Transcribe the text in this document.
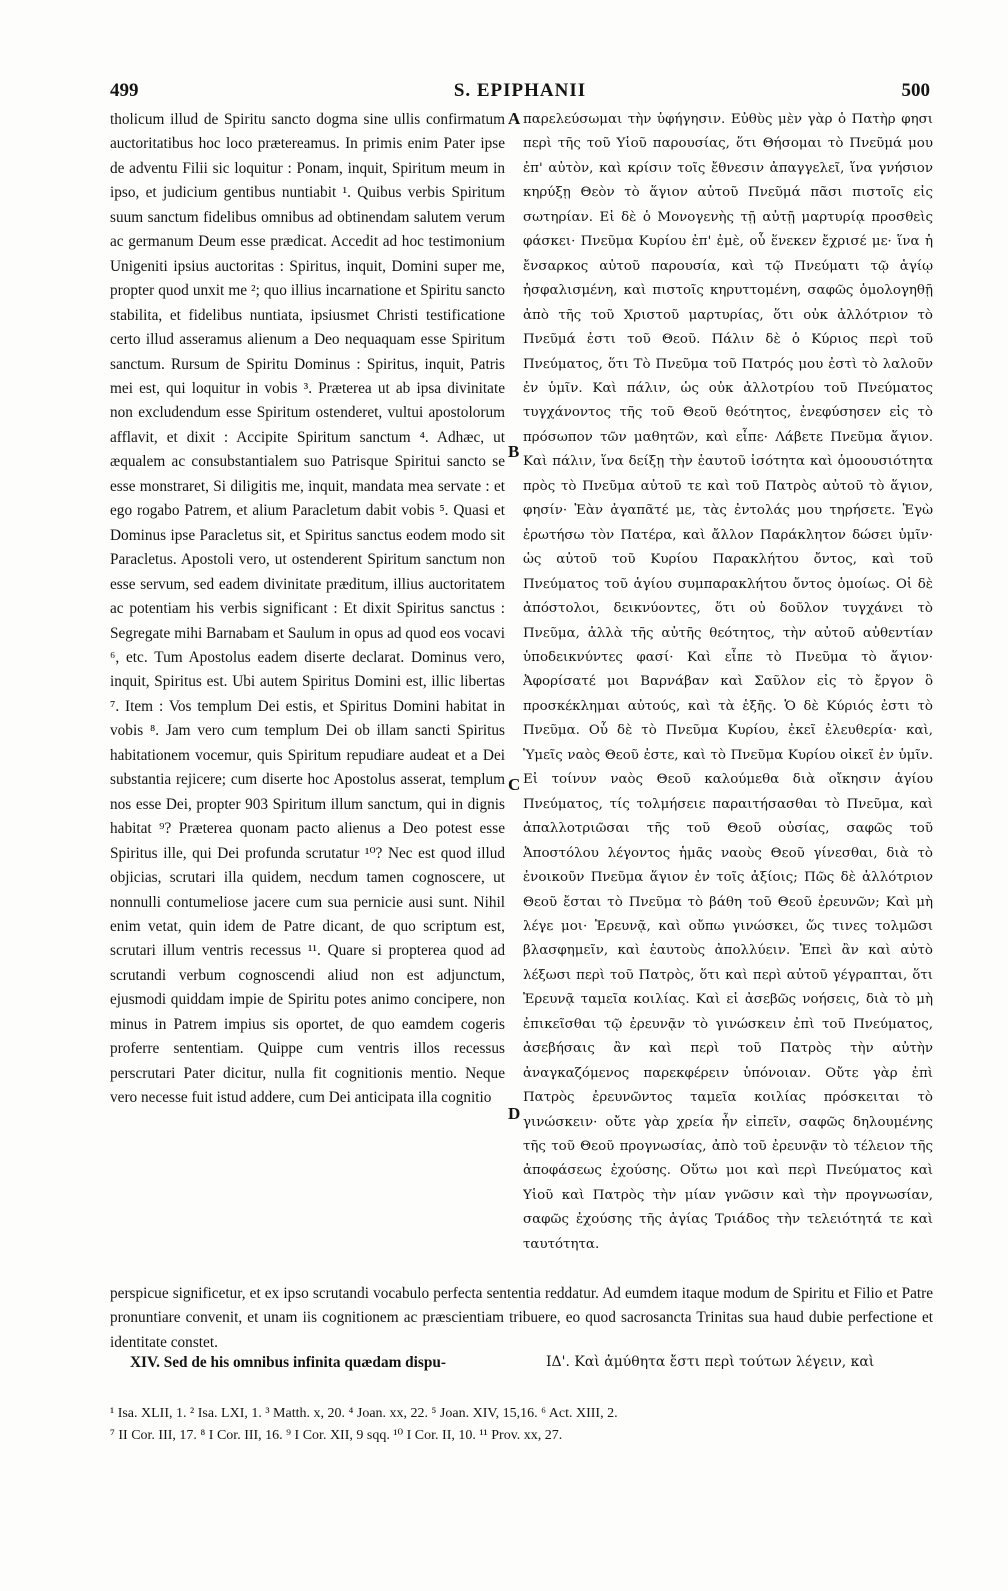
499	S. EPIPHANII	500

tholicum illud de Spiritu sancto dogma sine ullis confirmatum auctoritatibus hoc loco prætereamus. In primis enim Pater ipse de adventu Filii sic loquitur : Ponam, inquit, Spiritum meum in ipso, et judicium gentibus nuntiabit ¹. Quibus verbis Spiritum suum sanctum fidelibus omnibus ad obtinendam salutem verum ac germanum Deum esse prædicat. Accedit ad hoc testimonium Unigeniti ipsius auctoritas : Spiritus, inquit, Domini super me, propter quod unxit me ²; quo illius incarnatione et Spiritu sancto stabilita, et fidelibus nuntiata, ipsiusmet Christi testificatione certo illud asseramus alienum a Deo nequaquam esse Spiritum sanctum. Rursum de Spiritu Dominus : Spiritus, inquit, Patris mei est, qui loquitur in vobis ³. Præterea ut ab ipsa divinitate non excludendum esse Spiritum ostenderet, vultui apostolorum afflavit, et dixit : Accipite Spiritum sanctum ⁴. Adhæc, ut æqualem ac consubstantialem suo Patrisque Spiritui sancto se esse monstraret, Si diligitis me, inquit, mandata mea servate : et ego rogabo Patrem, et alium Paracletum dabit vobis ⁵. Quasi et Dominus ipse Paracletus sit, et Spiritus sanctus eodem modo sit Paracletus. Apostoli vero, ut ostenderent Spiritum sanctum non esse servum, sed eadem divinitate præditum, illius auctoritatem ac potentiam his verbis significant : Et dixit Spiritus sanctus : Segregate mihi Barnabam et Saulum in opus ad quod eos vocavi ⁶, etc. Tum Apostolus eadem diserte declarat. Dominus vero, inquit, Spiritus est. Ubi autem Spiritus Domini est, illic libertas ⁷. Item : Vos templum Dei estis, et Spiritus Domini habitat in vobis ⁸. Jam vero cum templum Dei ob illam sancti Spiritus habitationem vocemur, quis Spiritum repudiare audeat et a Dei substantia rejicere; cum diserte hoc Apostolus asserat, templum nos esse Dei, propter 903 Spiritum illum sanctum, qui in dignis habitat ⁹? Præterea quonam pacto alienus a Deo potest esse Spiritus ille, qui Dei profunda scrutatur ¹⁰? Nec est quod illud objicias, scrutari illa quidem, necdum tamen cognoscere, ut nonnulli contumeliose jacere cum sua pernicie ausi sunt. Nihil enim vetat, quin idem de Patre dicant, de quo scriptum est, scrutari illum ventris recessus ¹¹. Quare si propterea quod ad scrutandi verbum cognoscendi aliud non est adjunctum, ejusmodi quiddam impie de Spiritu potes animo concipere, non minus in Patrem impius sis oportet, de quo eamdem cogeris proferre sententiam. Quippe cum ventris illos recessus perscrutari Pater dicitur, nulla fit cognitionis mentio. Neque vero necesse fuit istud addere, cum Dei anticipata illa cognitio

παρελεύσωμαι τὴν ὑφήγησιν. Εὐθὺς μὲν γὰρ ὁ Πατὴρ φησι περὶ τῆς τοῦ Υἱοῦ παρουσίας, ὅτι Θήσομαι τὸ Πνεῦμά μου ἐπ' αὐτὸν, καὶ κρίσιν τοῖς ἔθνεσιν ἀπαγγελεῖ, ἵνα γνήσιον κηρύξῃ Θεὸν τὸ ἅγιον αὐτοῦ Πνεῦμά πᾶσι πιστοῖς εἰς σωτηρίαν. Εἰ δὲ ὁ Μονογενὴς τῇ αὐτῇ μαρτυρίᾳ προσθεὶς φάσκει· Πνεῦμα Κυρίου ἐπ' ἐμὲ, οὗ ἕνεκεν ἔχρισέ με· ἵνα ἡ ἔνσαρκος αὐτοῦ παρουσία, καὶ τῷ Πνεύματι τῷ ἁγίῳ ἠσφαλισμένη, καὶ πιστοῖς κηρυττομένη, σαφῶς ὁμολογηθῇ ἀπὸ τῆς τοῦ Χριστοῦ μαρτυρίας, ὅτι οὐκ ἀλλότριον τὸ Πνεῦμά ἐστι τοῦ Θεοῦ. Πάλιν δὲ ὁ Κύριος περὶ τοῦ Πνεύματος, ὅτι Τὸ Πνεῦμα τοῦ Πατρός μου ἐστὶ τὸ λαλοῦν ἐν ὑμῖν. Καὶ πάλιν, ὡς οὐκ ἀλλοτρίου τοῦ Πνεύματος τυγχάνοντος τῆς τοῦ Θεοῦ θεότητος, ἐνεφύσησεν εἰς τὸ πρόσωπον τῶν μαθητῶν, καὶ εἶπε· Λάβετε Πνεῦμα ἅγιον. Καὶ πάλιν, ἵνα δείξῃ τὴν ἑαυτοῦ ἰσότητα καὶ ὁμοουσιότητα πρὸς τὸ Πνεῦμα αὐτοῦ τε καὶ τοῦ Πατρὸς αὐτοῦ τὸ ἅγιον, φησίν· Ἐὰν ἀγαπᾶτέ με, τὰς ἐντολάς μου τηρήσετε. Ἐγὼ ἐρωτήσω τὸν Πατέρα, καὶ ἄλλον Παράκλητον δώσει ὑμῖν· ὡς αὐτοῦ τοῦ Κυρίου Παρακλήτου ὄντος, καὶ τοῦ Πνεύματος τοῦ ἁγίου συμπαρακλήτου ὄντος ὁμοίως. Οἱ δὲ ἀπόστολοι, δεικνύοντες, ὅτι οὐ δοῦλον τυγχάνει τὸ Πνεῦμα, ἀλλὰ τῆς αὐτῆς θεότητος, τὴν αὐτοῦ αὐθεντίαν ὑποδεικνύντες φασί· Καὶ εἶπε τὸ Πνεῦμα τὸ ἅγιον· Ἀφορίσατέ μοι Βαρνάβαν καὶ Σαῦλον εἰς τὸ ἔργον ὃ προσκέκλημαι αὐτούς, καὶ τὰ ἑξῆς. Ὁ δὲ Κύριός ἐστι τὸ Πνεῦμα. Οὗ δὲ τὸ Πνεῦμα Κυρίου, ἐκεῖ ἐλευθερία· καὶ, Ὑμεῖς ναὸς Θεοῦ ἐστε, καὶ τὸ Πνεῦμα Κυρίου οἰκεῖ ἐν ὑμῖν. Εἰ τοίνυν ναὸς Θεοῦ καλούμεθα διὰ οἴκησιν ἁγίου Πνεύματος, τίς τολμήσειε παραιτήσασθαι τὸ Πνεῦμα, καὶ ἀπαλλοτριῶσαι τῆς τοῦ Θεοῦ οὐσίας, σαφῶς τοῦ Ἀποστόλου λέγοντος ἡμᾶς ναοὺς Θεοῦ γίνεσθαι, διὰ τὸ ἐνοικοῦν Πνεῦμα ἅγιον ἐν τοῖς ἀξίοις; Πῶς δὲ ἀλλότριον Θεοῦ ἔσται τὸ Πνεῦμα τὸ βάθη τοῦ Θεοῦ ἐρευνῶν; Καὶ μὴ λέγε μοι· Ἐρευνᾷ, καὶ οὔπω γινώσκει, ὥς τινες τολμῶσι βλασφημεῖν, καὶ ἑαυτοὺς ἀπολλύειν. Ἐπεὶ ἂν καὶ αὐτὸ λέξωσι περὶ τοῦ Πατρὸς, ὅτι καὶ περὶ αὐτοῦ γέγραπται, ὅτι Ἐρευνᾷ ταμεῖα κοιλίας. Καὶ εἰ ἀσεβῶς νοήσεις, διὰ τὸ μὴ ἐπικεῖσθαι τῷ ἐρευνᾷν τὸ γινώσκειν ἐπὶ τοῦ Πνεύματος, ἀσεβήσαις ἂν καὶ περὶ τοῦ Πατρὸς τὴν αὐτὴν ἀναγκαζόμενος παρεκφέρειν ὑπόνοιαν. Οὔτε γὰρ ἐπὶ Πατρὸς ἐρευνῶντος ταμεῖα κοιλίας πρόσκειται τὸ γινώσκειν· οὔτε γὰρ χρεία ἦν εἰπεῖν, σαφῶς δηλουμένης τῆς τοῦ Θεοῦ προγνωσίας, ἀπὸ τοῦ ἐρευνᾷν τὸ τέλειον τῆς ἀποφάσεως ἐχούσης. Οὕτω μοι καὶ περὶ Πνεύματος καὶ Υἱοῦ καὶ Πατρὸς τὴν μίαν γνῶσιν καὶ τὴν προγνωσίαν, σαφῶς ἐχούσης τῆς ἁγίας Τριάδος τὴν τελειότητά τε καὶ ταυτότητα.

A
B
C
D

perspicue significetur, et ex ipso scrutandi vocabulo perfecta sententia reddatur. Ad eumdem itaque modum de Spiritu et Filio et Patre pronuntiare convenit, et unam iis cognitionem ac præscientiam tribuere, eo quod sacrosancta Trinitas sua haud dubie perfectione et identitate constet.

XIV. Sed de his omnibus infinita quædam dispu-	ΙΔ'. Καὶ ἀμύθητα ἔστι περὶ τούτων λέγειν, καὶ
¹ Isa. XLII, 1. ² Isa. LXI, 1. ³ Matth. x, 20. ⁴ Joan. xx, 22. ⁵ Joan. XIV, 15,16. ⁶ Act. XIII, 2.
⁷ II Cor. III, 17. ⁸ I Cor. III, 16. ⁹ I Cor. XII, 9 sqq. ¹⁰ I Cor. II, 10. ¹¹ Prov. xx, 27.
